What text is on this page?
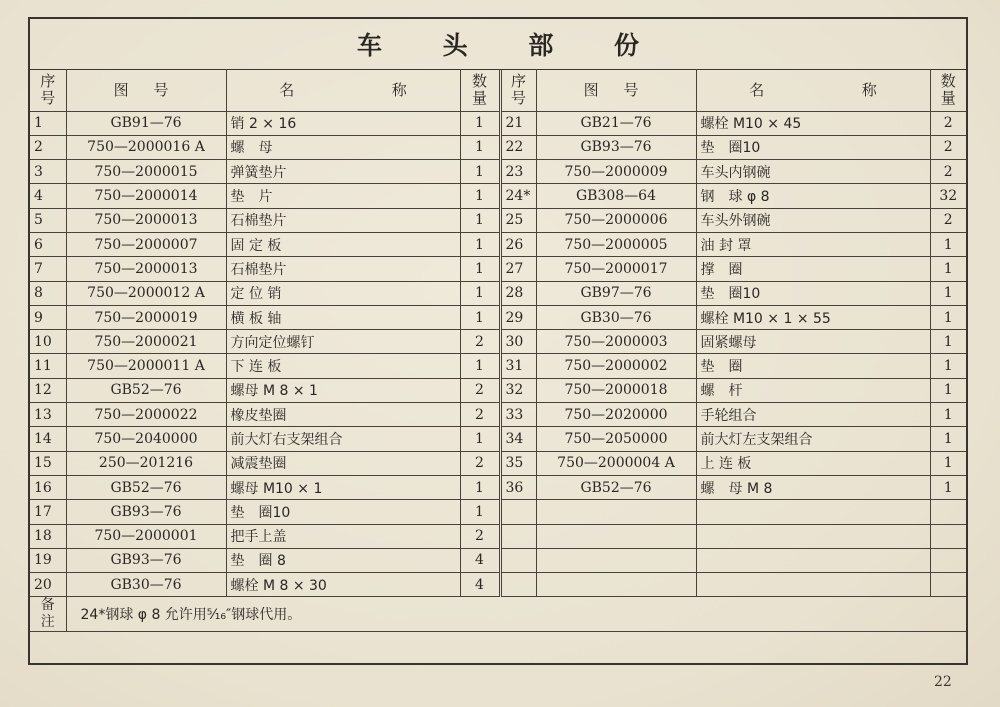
车 头 部 份
序号	图 号	名 称	数量	序号	图 号	名 称	数量
1	GB91—76	销 2 × 16	1	21	GB21—76	螺栓 M10 × 45	2
2	750—2000016 A	螺　母	1	22	GB93—76	垫　圈10	2
3	750—2000015	弹簧垫片	1	23	750—2000009	车头内钢碗	2
4	750—2000014	垫　片	1	24*	GB308—64	钢　球 φ 8	32
5	750—2000013	石棉垫片	1	25	750—2000006	车头外钢碗	2
6	750—2000007	固 定 板	1	26	750—2000005	油 封 罩	1
7	750—2000013	石棉垫片	1	27	750—2000017	撑　圈	1
8	750—2000012 A	定 位 销	1	28	GB97—76	垫　圈10	1
9	750—2000019	横 板 轴	1	29	GB30—76	螺栓 M10 × 1 × 55	1
10	750—2000021	方向定位螺钉	2	30	750—2000003	固紧螺母	1
11	750—2000011 A	下 连 板	1	31	750—2000002	垫　圈	1
12	GB52—76	螺母 M 8 × 1	2	32	750—2000018	螺　杆	1
13	750—2000022	橡皮垫圈	2	33	750—2020000	手轮组合	1
14	750—2040000	前大灯右支架组合	1	34	750—2050000	前大灯左支架组合	1
15	250—201216	减震垫圈	2	35	750—2000004 A	上 连 板	1
16	GB52—76	螺母 M10 × 1	1	36	GB52—76	螺　母 M 8	1
17	GB93—76	垫　圈10	1				
18	750—2000001	把手上盖	2				
19	GB93—76	垫　圈 8	4				
20	GB30—76	螺栓 M 8 × 30	4				
备注	24*钢球 φ 8 允许用⁵⁄₁₆″钢球代用。						
22
